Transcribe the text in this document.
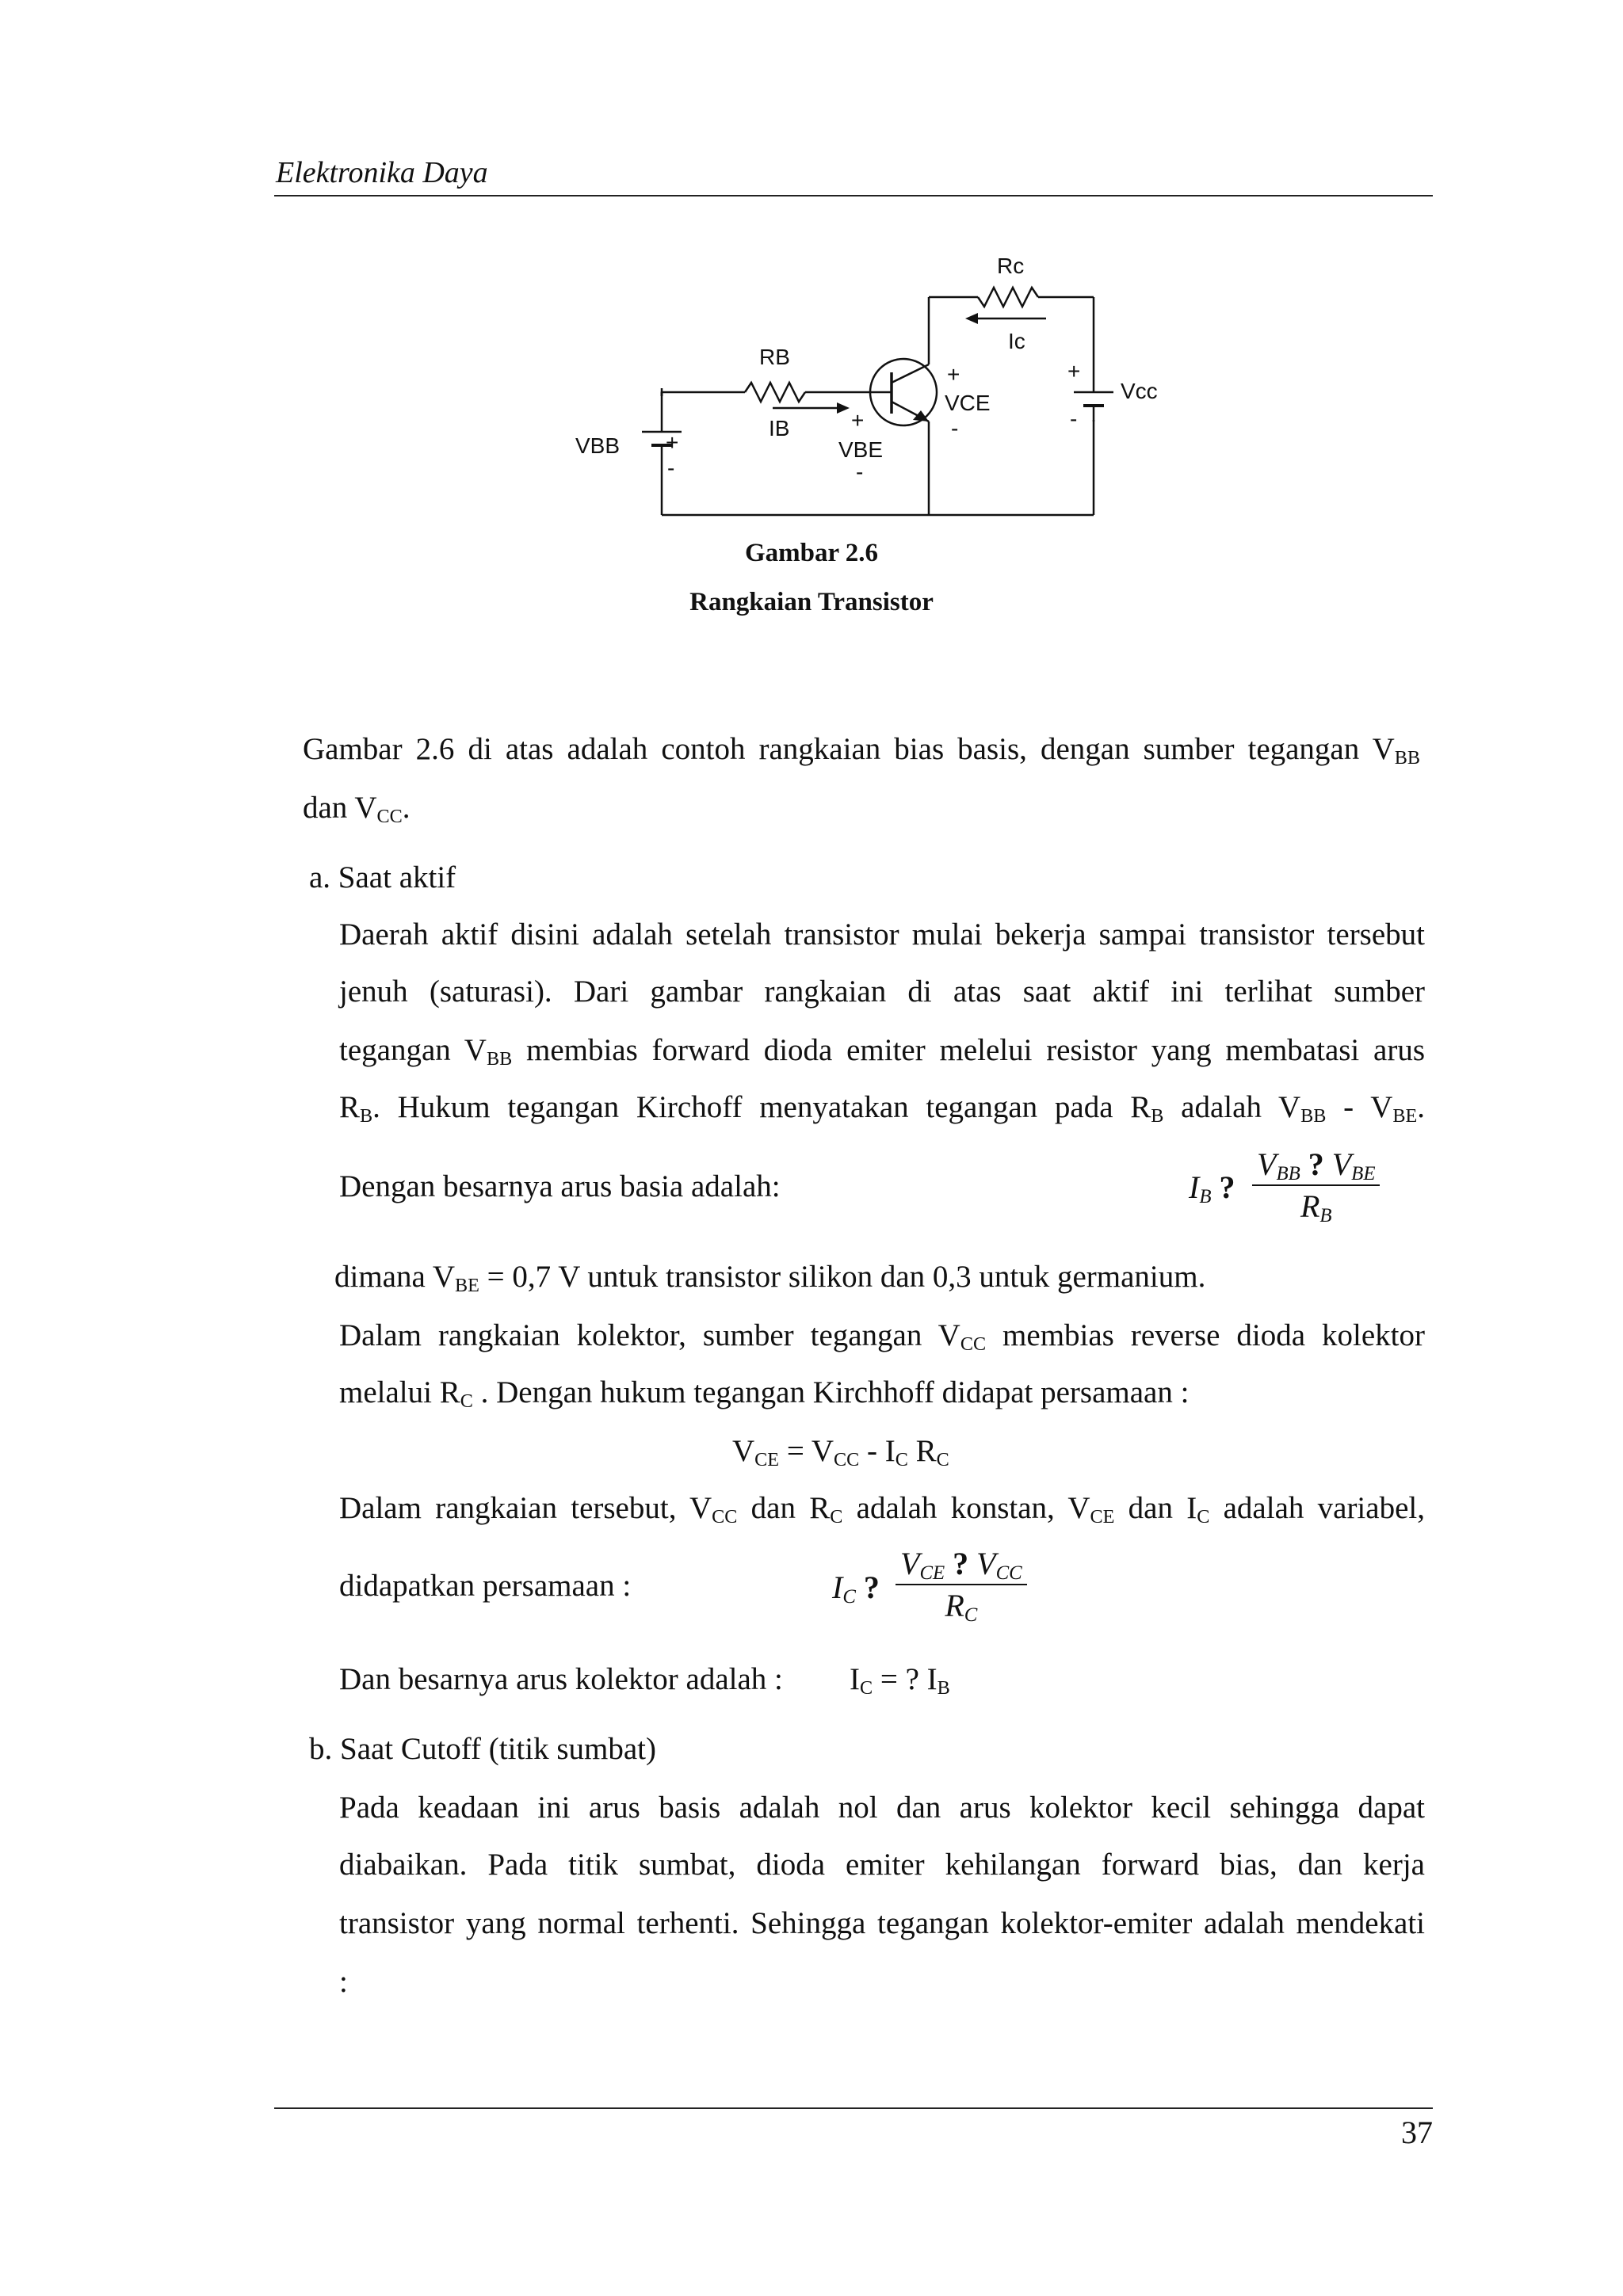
Elektronika Daya
Rc
Ic
RB
IB
VBB +
-
+
VBE
-
+
VCE
-
+
-
Vcc
Gambar 2.6
Rangkaian Transistor
Gambar 2.6 di atas adalah contoh rangkaian bias basis, dengan sumber tegangan $V_{BB}$
dan $V_{CC}$.
a. Saat aktif
Daerah aktif disini adalah setelah transistor mulai bekerja sampai transistor tersebut
jenuh (saturasi). Dari gambar rangkaian di atas saat aktif ini terlihat sumber
tegangan $V_{BB}$ membias forward dioda emiter melelui resistor yang membatasi arus
$R_B$. Hukum tegangan Kirchoff menyatakan tegangan pada $R_B$ adalah $V_{BB} - V_{BE}$.
Dengan besarnya arus basia adalah:	$I_B$ ?
$V_{BB}$ ? $V_{BE}$
$R_B$
dimana $V_{BE} = 0,7$ V untuk transistor silikon dan 0,3 untuk germanium.
Dalam rangkaian kolektor, sumber tegangan $V_{CC}$ membias reverse dioda kolektor
melalui $R_C$ . Dengan hukum tegangan Kirchhoff didapat persamaan :
$V_{CE} = V_{CC} - I_C$ $R_C$
Dalam rangkaian tersebut, $V_{CC}$ dan $R_C$ adalah konstan, $V_{CE}$ dan $I_C$ adalah variabel,
didapatkan persamaan :	$I_C$ ?
$V_{CE}$ ? $V_{CC}$
$R_C$
Dan besarnya arus kolektor adalah : $I_C$ = ? $I_B$
b. Saat Cutoff (titik sumbat)
Pada keadaan ini arus basis adalah nol dan arus kolektor kecil sehingga dapat
diabaikan. Pada titik sumbat, dioda emiter kehilangan forward bias, dan kerja
transistor yang normal terhenti. Sehingga tegangan kolektor-emiter adalah mendekati
:
37
